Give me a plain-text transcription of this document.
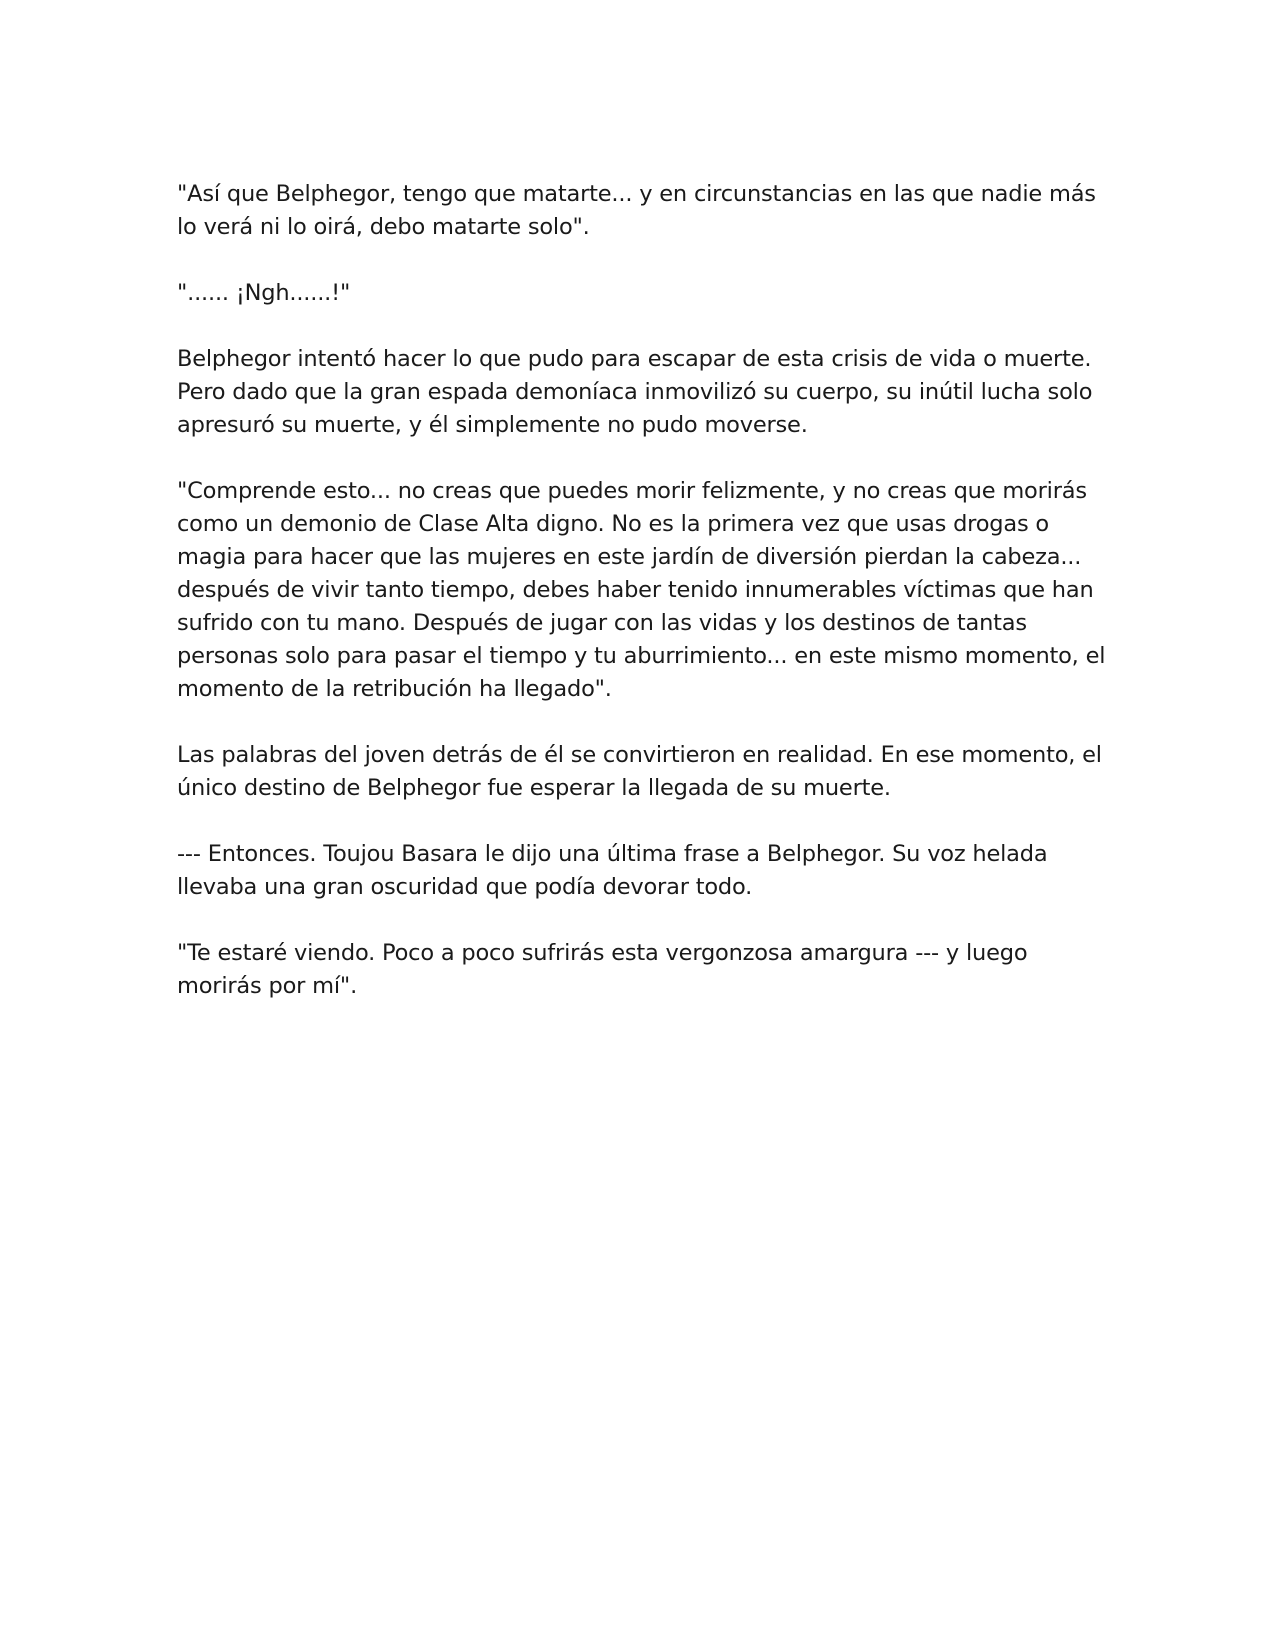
"Así que Belphegor, tengo que matarte... y en circunstancias en las que nadie más lo verá ni lo oirá, debo matarte solo".

"...... ¡Ngh......!"

Belphegor intentó hacer lo que pudo para escapar de esta crisis de vida o muerte. Pero dado que la gran espada demoníaca inmovilizó su cuerpo, su inútil lucha solo apresuró su muerte, y él simplemente no pudo moverse.

"Comprende esto... no creas que puedes morir felizmente, y no creas que morirás como un demonio de Clase Alta digno. No es la primera vez que usas drogas o magia para hacer que las mujeres en este jardín de diversión pierdan la cabeza... después de vivir tanto tiempo, debes haber tenido innumerables víctimas que han sufrido con tu mano. Después de jugar con las vidas y los destinos de tantas personas solo para pasar el tiempo y tu aburrimiento... en este mismo momento, el momento de la retribución ha llegado".

Las palabras del joven detrás de él se convirtieron en realidad. En ese momento, el único destino de Belphegor fue esperar la llegada de su muerte.

--- Entonces. Toujou Basara le dijo una última frase a Belphegor. Su voz helada llevaba una gran oscuridad que podía devorar todo.

"Te estaré viendo. Poco a poco sufrirás esta vergonzosa amargura --- y luego morirás por mí".
